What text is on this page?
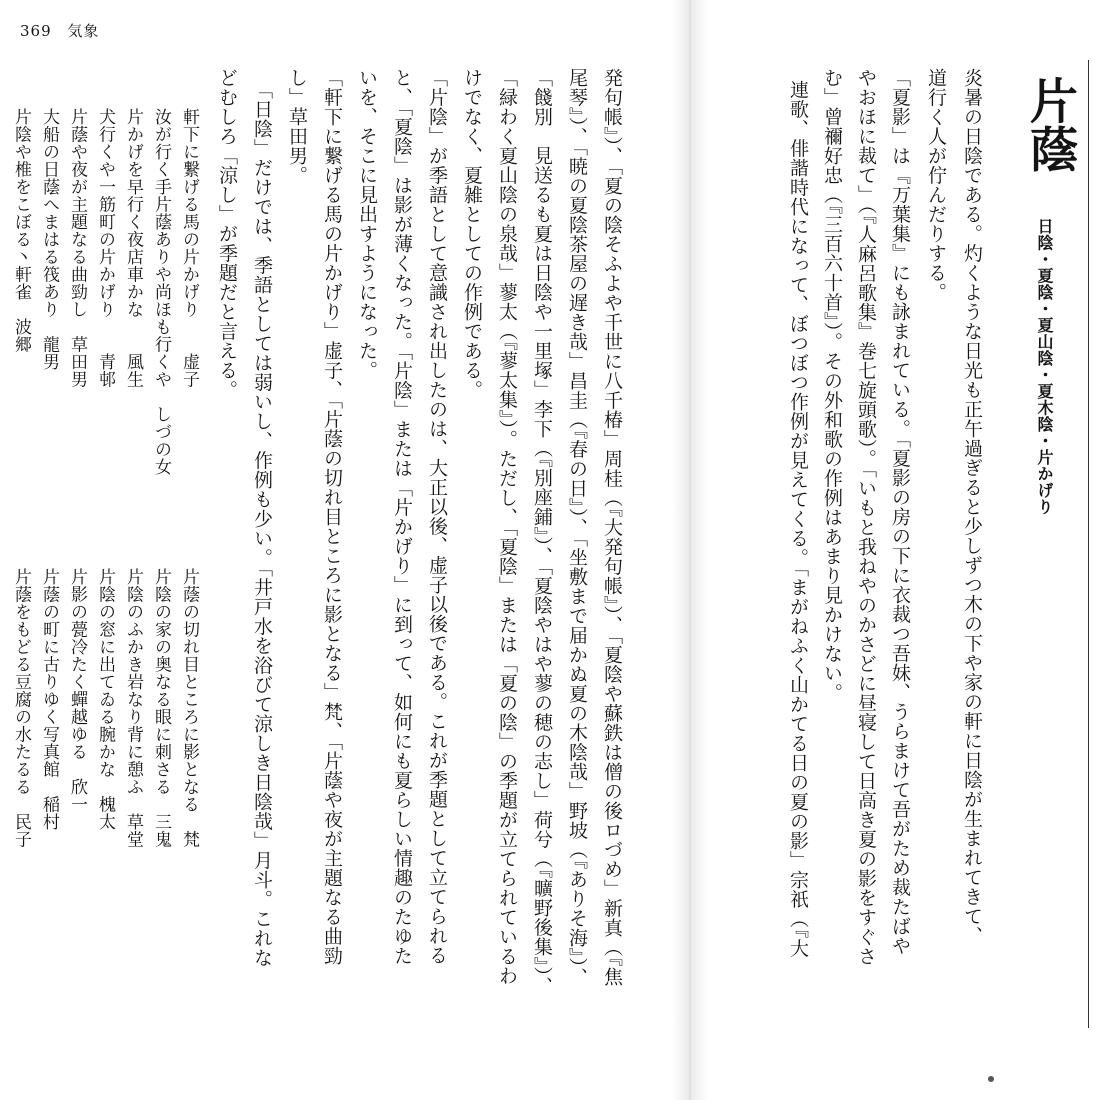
369 気象
片蔭
日陰・夏陰・夏山陰・夏木陰・片かげり
炎暑の日陰である。灼くような日光も正午過ぎると少しずつ木の下や家の軒に日陰が生まれてきて、
道行く人が佇んだりする。
「夏影」は『万葉集』にも詠まれている。「夏影の房の下に衣裁つ吾妹、うらまけて吾がため裁たばや
やおほに裁て」（『人麻呂歌集』巻七旋頭歌）。「いもと我ねやのかさどに昼寝して日高き夏の影をすぐさ
む」曾禰好忠（『三百六十首』）。その外和歌の作例はあまり見かけない。
連歌、俳諧時代になって、ぼつぼつ作例が見えてくる。「まがねふく山かてる日の夏の影」宗祇（『大
発句帳』）、「夏の陰そふよや千世に八千椿」周桂（『大発句帳』）、「夏陰や蘇鉄は僧の後ロづめ」新真（『焦
尾琴』）、「暁の夏陰茶屋の遅き哉」昌圭（『春の日』）、「坐敷まで届かぬ夏の木陰哉」野坡（『ありそ海』）、
「餞別　見送るも夏は日陰や一里塚」李下（『別座鋪』）、「夏陰やはや蓼の穂の志し」荷兮（『曠野後集』）、
「緑わく夏山陰の泉哉」蓼太（『蓼太集』）。ただし、「夏陰」または「夏の陰」の季題が立てられているわ
けでなく、夏雑としての作例である。
「片陰」が季語として意識され出したのは、大正以後、虚子以後である。これが季題として立てられる
と、「夏陰」は影が薄くなった。「片陰」または「片かげり」に到って、如何にも夏らしい情趣のたゆた
いを、そこに見出すようになった。
「軒下に繋げる馬の片かげり」虚子、「片蔭の切れ目ところに影となる」梵、「片蔭や夜が主題なる曲勁
し」草田男。
「日陰」だけでは、季語としては弱いし、作例も少い。「井戸水を浴びて涼しき日陰哉」月斗。これな
どむしろ「涼し」が季題だと言える。
軒下に繋げる馬の片かげり　　虚子
汝が行く手片蔭ありや尚ほも行くや　しづの女
片かげを早行く夜店車かな　　風生
犬行くや一筋町の片かげり　　青邨
片蔭や夜が主題なる曲勁し　草田男
大船の日蔭へまはる筏あり　龍男
片陰や椎をこぼる丶軒雀　波郷
片蔭の切れ目ところに影となる　梵
片陰の家の奥なる眼に刺さる　三鬼
片陰のふかき岩なり背に憩ふ　草堂
片陰の窓に出てゐる腕かな　槐太
片影の甍冷たく蟬越ゆる　欣一
片蔭の町に古りゆく写真館　稲村
片蔭をもどる豆腐の水たるる　民子
